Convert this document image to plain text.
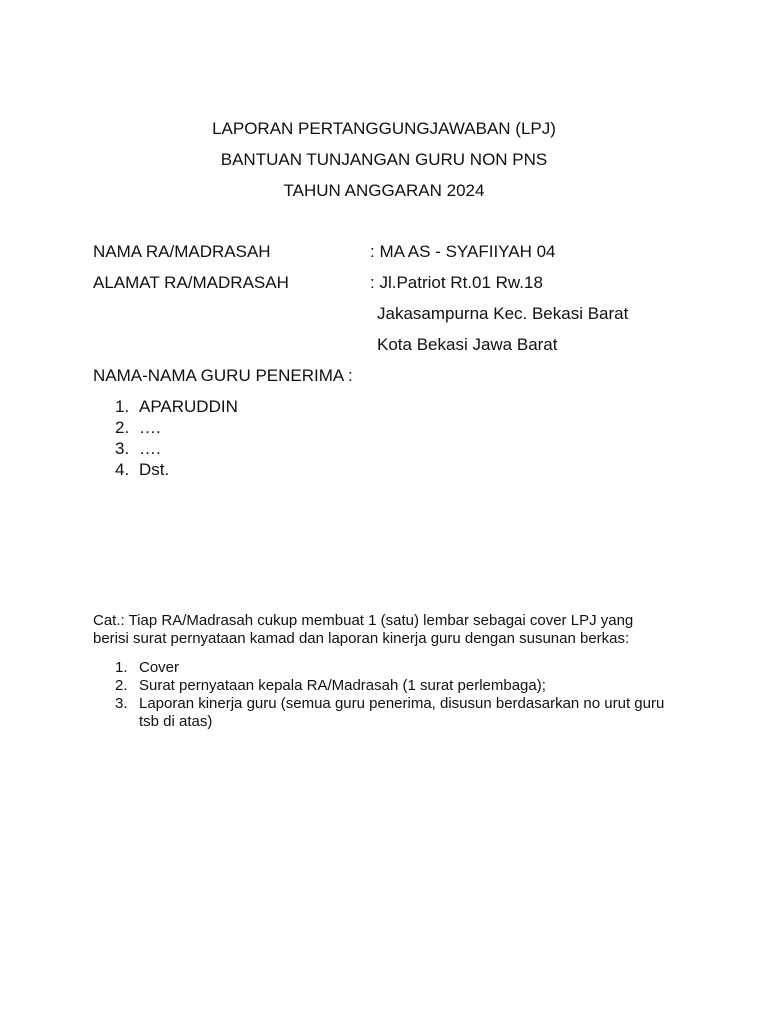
LAPORAN PERTANGGUNGJAWABAN (LPJ)
BANTUAN TUNJANGAN GURU NON PNS
TAHUN ANGGARAN 2024
NAMA RA/MADRASAH	: MA AS - SYAFIIYAH 04
ALAMAT RA/MADRASAH	: Jl.Patriot Rt.01 Rw.18
Jakasampurna Kec. Bekasi Barat
Kota Bekasi Jawa Barat
NAMA-NAMA GURU PENERIMA :
1. APARUDDIN
2. ….
3. ….
4. Dst.
Cat.: Tiap RA/Madrasah cukup membuat 1 (satu) lembar sebagai cover LPJ yang berisi surat pernyataan kamad dan laporan kinerja guru dengan susunan berkas:
1. Cover
2. Surat pernyataan kepala RA/Madrasah (1 surat perlembaga);
3. Laporan kinerja guru (semua guru penerima, disusun berdasarkan no urut guru tsb di atas)
